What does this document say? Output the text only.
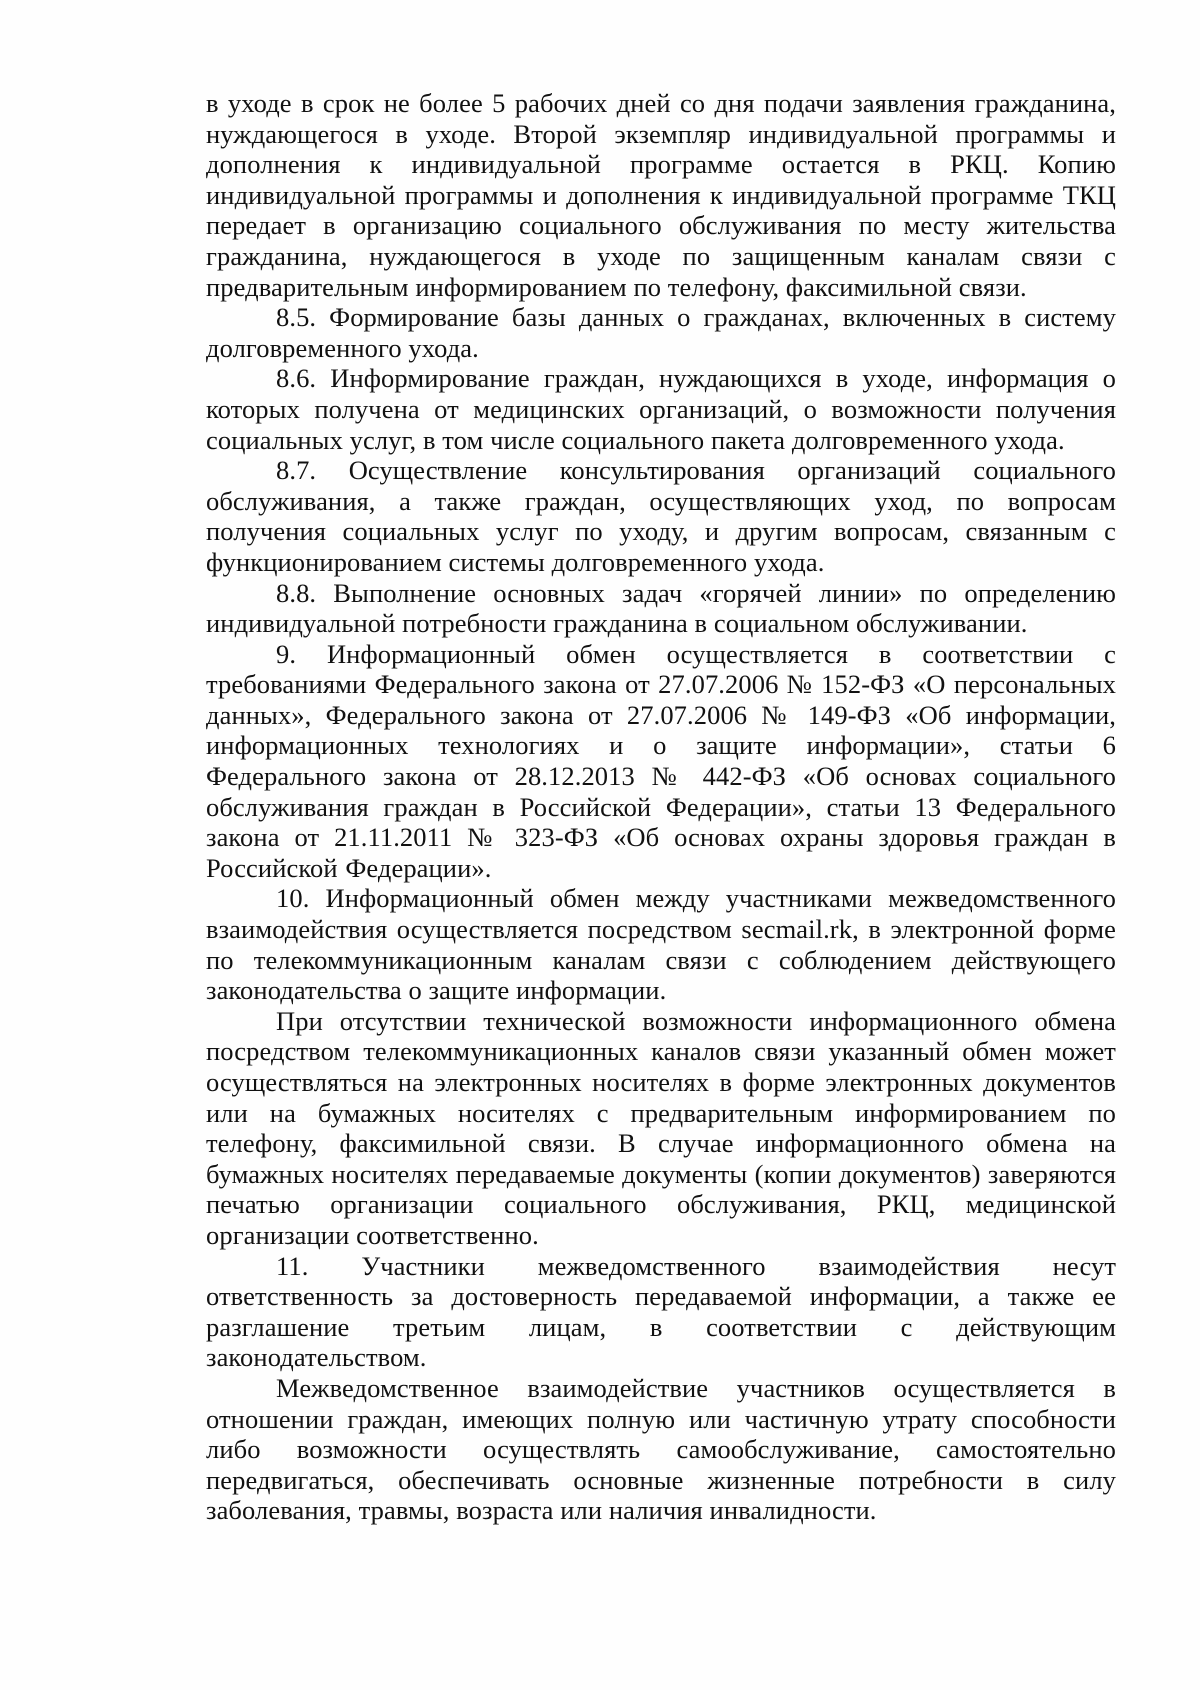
в уходе в срок не более 5 рабочих дней со дня подачи заявления гражданина, нуждающегося в уходе. Второй экземпляр индивидуальной программы и дополнения к индивидуальной программе остается в РКЦ. Копию индивидуальной программы и дополнения к индивидуальной программе ТКЦ передает в организацию социального обслуживания по месту жительства гражданина, нуждающегося в уходе по защищенным каналам связи с предварительным информированием по телефону, факсимильной связи.

8.5. Формирование базы данных о гражданах, включенных в систему долговременного ухода.

8.6. Информирование граждан, нуждающихся в уходе, информация о которых получена от медицинских организаций, о возможности получения социальных услуг, в том числе социального пакета долговременного ухода.

8.7. Осуществление консультирования организаций социального обслуживания, а также граждан, осуществляющих уход, по вопросам получения социальных услуг по уходу, и другим вопросам, связанным с функционированием системы долговременного ухода.

8.8. Выполнение основных задач «горячей линии» по определению индивидуальной потребности гражданина в социальном обслуживании.

9. Информационный обмен осуществляется в соответствии с требованиями Федерального закона от 27.07.2006 № 152-ФЗ «О персональных данных», Федерального закона от 27.07.2006 № 149-ФЗ «Об информации, информационных технологиях и о защите информации», статьи 6 Федерального закона от 28.12.2013 № 442-ФЗ «Об основах социального обслуживания граждан в Российской Федерации», статьи 13 Федерального закона от 21.11.2011 № 323-ФЗ «Об основах охраны здоровья граждан в Российской Федерации».

10. Информационный обмен между участниками межведомственного взаимодействия осуществляется посредством secmail.rk, в электронной форме по телекоммуникационным каналам связи с соблюдением действующего законодательства о защите информации.

При отсутствии технической возможности информационного обмена посредством телекоммуникационных каналов связи указанный обмен может осуществляться на электронных носителях в форме электронных документов или на бумажных носителях с предварительным информированием по телефону, факсимильной связи. В случае информационного обмена на бумажных носителях передаваемые документы (копии документов) заверяются печатью организации социального обслуживания, РКЦ, медицинской организации соответственно.

11. Участники межведомственного взаимодействия несут ответственность за достоверность передаваемой информации, а также ее разглашение третьим лицам, в соответствии с действующим законодательством.

Межведомственное взаимодействие участников осуществляется в отношении граждан, имеющих полную или частичную утрату способности либо возможности осуществлять самообслуживание, самостоятельно передвигаться, обеспечивать основные жизненные потребности в силу заболевания, травмы, возраста или наличия инвалидности.
